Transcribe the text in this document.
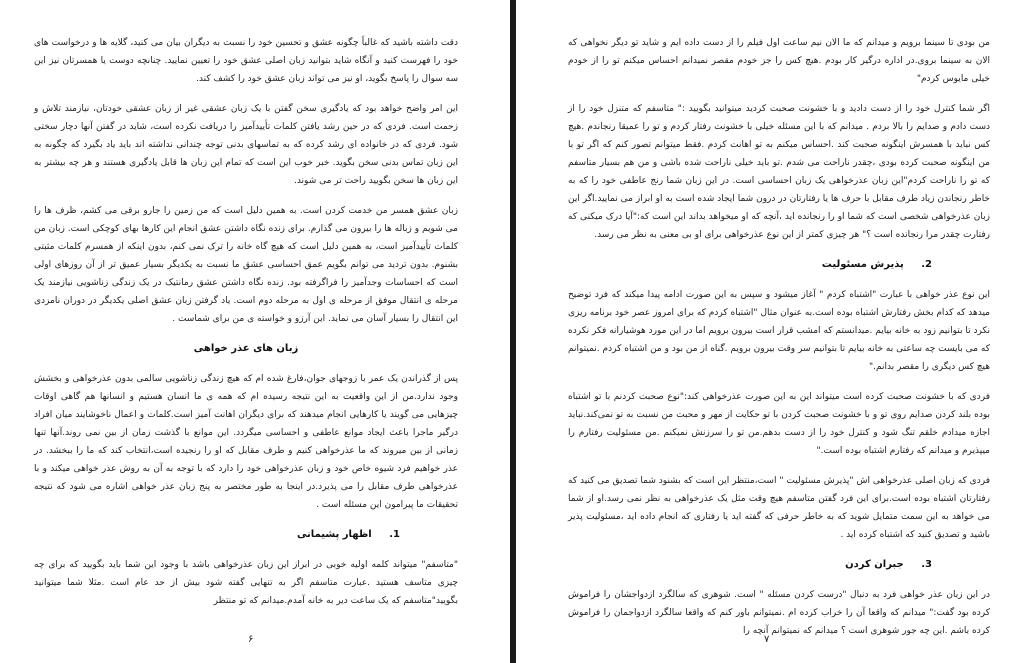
دقت داشته باشید که غالباً چگونه عشق و تحسین خود را نسبت به دیگران بیان می کنید، گلایه ها و درخواست های خود را فهرست کنید و آنگاه شاید بتوانید زبان اصلی عشق خود را تعیین نمایید. چنانچه دوست یا همسرتان نیز این سه سوال را پاسخ بگوید، او نیز می تواند زبان عشق خود را کشف کند.

این امر واضح خواهد بود که یادگیری سخن گفتن با یک زبان عشقی غیر از زبان عشقی خودتان، نیازمند تلاش و زحمت است. فردی که در حین رشد یافتن کلمات تأییدآمیز را دریافت نکرده است، شاید در گفتن آنها دچار سختی شود. فردی که در خانواده ای رشد کرده که به تماسهای بدنی توجه چندانی نداشته اند باید یاد بگیرد که چگونه به این زبان تماس بدنی سخن بگوید. خبر خوب این است که تمام این زبان ها قابل یادگیری هستند و هر چه بیشتر به این زبان ها سخن بگویید راحت تر می شوند.

زبان عشق همسر من خدمت کردن است. به همین دلیل است که من زمین را جارو برقی می کشم، ظرف ها را می شویم و زباله ها را بیرون می گذارم. برای زنده نگاه داشتن عشق انجام این کارها بهای کوچکی است. زبان من کلمات تأییدآمیز است، به همین دلیل است که هیچ گاه خانه را ترک نمی کنم، بدون اینکه از همسرم کلمات مثبتی بشنوم. بدون تردید می توانم بگویم عمق احساسی عشق ما نسبت به یکدیگر بسیار عمیق تر از آن روزهای اولی است که احساسات وجدآمیز را فراگرفته بود. زنده نگاه داشتن عشق رمانتیک در یک زندگی زناشویی نیازمند یک مرحله ی انتقال موفق از مرحله ی اول به مرحله دوم است. یاد گرفتن زبان عشق اصلی یکدیگر در دوران نامزدی این انتقال را بسیار آسان می نماید. این آرزو و خواسته ی من برای شماست .

زبان های عذر خواهی

پس از گذراندن یک عمر با زوجهای جوان،فارغ شده ام که هیچ زندگی زناشویی سالمی بدون عذرخواهی و بخشش وجود ندارد.من از این واقعیت به این نتیجه رسیده ام که همه ی ما انسان هستیم و انسانها هم گاهی اوقات چیزهایی می گویند یا کارهایی انجام میدهند که برای دیگران اهانت آمیز است.کلمات و اعمال ناخوشایند میان افراد درگیر ماجرا باعث ایجاد موانع عاطفی و احساسی میگردد. این موانع با گذشت زمان از بین نمی روند.آنها تنها زمانی از بین میروند که ما عذرخواهی کنیم و طرف مقابل که او را رنجیده است،انتخاب کند که ما را ببخشد. در عذر خواهیم فرد شیوه خاص خود و زبان عذرخواهی خود را دارد که با توجه به آن به روش عذر خواهی میکند و با عذرخواهی طرف مقابل را می پذیرد.در اینجا به طور مختصر به پنج زبان عذر خواهی اشاره می شود که نتیجه تحقیقات ما پیرامون این مسئله است .

1. اظهار پشیمانی

"متاسفم" میتواند کلمه اولیه خوبی در ابراز این زبان عذرخواهی باشد با وجود این شما باید بگویید که برای چه چیزی متاسف هستید .عبارت متاسفم اگر به تنهایی گفته شود بیش از حد عام است .مثلا شما میتوانید بگویید"متاسفم که یک ساعت دیر به خانه آمدم.میدانم که تو منتظر

۶

من بودی تا سینما برویم و میدانم که ما الان نیم ساعت اول فیلم را از دست داده ایم و شاید تو دیگر نخواهی که الان به سینما بروی.در اداره درگیر کار بودم .هیچ کس را جز خودم مقصر نمیدانم احساس میکنم تو را از خودم خیلی مایوس کردم"

اگر شما کنترل خود را از دست دادید و با خشونت صحبت کردید میتوانید بگویید :" متاسفم که متنزل خود را از دست دادم و صدایم را بالا بردم . میدانم که با این مسئله خیلی با خشونت رفتار کردم و تو را عمیقا رنجاندم .هیچ کس نباید با همسرش اینگونه صحبت کند .احساس میکنم به تو اهانت کردم .فقط میتوانم تصور کنم که اگر تو با من اینگونه صحبت کرده بودی ،چقدر ناراحت می شدم .تو باید خیلی ناراحت شده باشی و من هم بسیار متاسفم که تو را ناراحت کردم"این زبان عذرخواهی یک زبان احساسی است. در این زبان شما رنج عاطفی خود را که به خاطر رنجاندن زیاد طرف مقابل با حرف ها یا رفتارتان در درون شما ایجاد شده است به او ابراز می نمایید.اگر این زبان عذرخواهی شخصی است که شما او را رنجانده اید ،آنچه که او میخواهد بداند این است که:"آیا درک میکنی که رفتارت چقدر مرا رنجانده است ؟" هر چیزی کمتر از این نوع عذرخواهی برای او بی معنی به نظر می رسد.

2. پذیرش مسئولیت

این نوع عذر خواهی با عبارت "اشتباه کردم " آغاز میشود و سپس به این صورت ادامه پیدا میکند که فرد توضیح میدهد که کدام بخش رفتارش اشتباه بوده است.به عنوان مثال "اشتباه کردم که برای امروز عصر خود برنامه ریزی نکرد تا بتوانیم زود به خانه بیایم .میدانستم که امشب قرار است بیرون برویم اما در این مورد هوشیارانه فکر نکرده که می بایست چه ساعتی به خانه بیایم تا بتوانیم سر وقت بیرون برویم .گناه از من بود و من اشتباه کردم .نمیتوانم هیچ کس دیگری را مقصر بدانم."

فردی که با خشونت صحبت کرده است میتواند این به این صورت عذرخواهی کند:"نوع صحبت کردنم با تو اشتباه بوده بلند کردن صدایم روی تو و با خشونت صحبت کردن با تو حکایت از مهر و محبت من نسبت به تو نمی‌کند.نباید اجازه میدادم خلقم تنگ شود و کنترل خود را از دست بدهم.من تو را سرزنش نمیکنم .من مسئولیت رفتارم را میپذیرم و میدانم که رفتارم اشتباه بوده است."

فردی که زبان اصلی عذرخواهی اش "پذیرش مسئولیت " است،منتظر این است که بشنود شما تصدیق می کنید که رفتارتان اشتباه بوده است.برای این فرد گفتن متاسفم هیچ وقت مثل یک عذرخواهی به نظر نمی رسد.او از شما می خواهد به این سمت متمایل شوید که به خاطر حرفی که گفته اید یا رفتاری که انجام داده اید ،مسئولیت پذیر باشید و تصدیق کنید که اشتباه کرده اید .

3. جبران کردن

در این زبان عذر خواهی فرد به دنبال "درست کردن مسئله " است. شوهری که سالگرد ازدواجشان را فراموش کرده بود گفت:" میدانم که واقعا آن را خراب کرده ام .نمیتوانم باور کنم که واقعا سالگرد ازدواجمان را فراموش کرده باشم .این چه جور شوهری است ؟ میدانم که نمیتوانم آنچه را

۷
